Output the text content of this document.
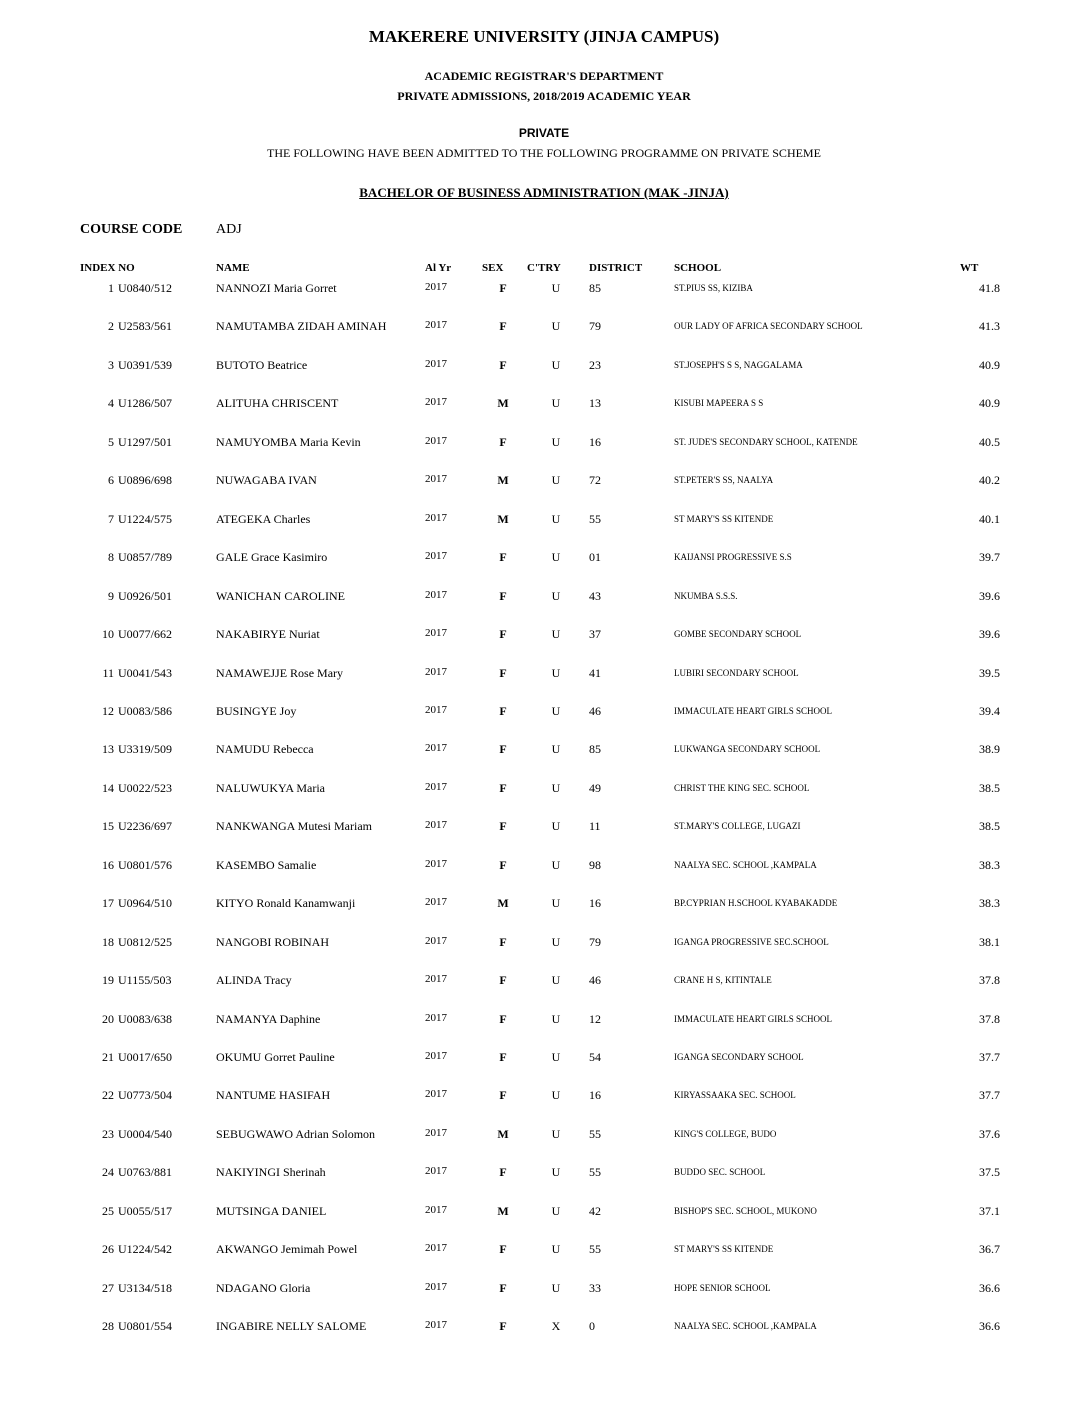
MAKERERE UNIVERSITY (JINJA CAMPUS)
ACADEMIC REGISTRAR'S DEPARTMENT
PRIVATE ADMISSIONS, 2018/2019 ACADEMIC YEAR
PRIVATE
THE FOLLOWING HAVE BEEN ADMITTED TO THE FOLLOWING PROGRAMME ON PRIVATE SCHEME
BACHELOR OF BUSINESS ADMINISTRATION (MAK -JINJA)
COURSE CODE ADJ
INDEX NO	NAME	Al Yr	SEX C'TRY	DISTRICT	SCHOOL	WT
1 U0840/512	NANNOZI Maria Gorret	2017	F	U	85	ST.PIUS SS, KIZIBA	41.8
2 U2583/561	NAMUTAMBA ZIDAH AMINAH	2017	F	U	79	OUR LADY OF AFRICA SECONDARY SCHOOL	41.3
3 U0391/539	BUTOTO Beatrice	2017	F	U	23	ST.JOSEPH'S S S, NAGGALAMA	40.9
4 U1286/507	ALITUHA CHRISCENT	2017	M	U	13	KISUBI MAPEERA S S	40.9
5 U1297/501	NAMUYOMBA Maria Kevin	2017	F	U	16	ST. JUDE'S SECONDARY SCHOOL, KATENDE	40.5
6 U0896/698	NUWAGABA IVAN	2017	M	U	72	ST.PETER'S SS, NAALYA	40.2
7 U1224/575	ATEGEKA Charles	2017	M	U	55	ST MARY'S SS KITENDE	40.1
8 U0857/789	GALE Grace Kasimiro	2017	F	U	01	KAIJANSI PROGRESSIVE S.S	39.7
9 U0926/501	WANICHAN CAROLINE	2017	F	U	43	NKUMBA S.S.S.	39.6
10 U0077/662	NAKABIRYE Nuriat	2017	F	U	37	GOMBE SECONDARY SCHOOL	39.6
11 U0041/543	NAMAWEJJE Rose Mary	2017	F	U	41	LUBIRI SECONDARY SCHOOL	39.5
12 U0083/586	BUSINGYE Joy	2017	F	U	46	IMMACULATE HEART GIRLS SCHOOL	39.4
13 U3319/509	NAMUDU Rebecca	2017	F	U	85	LUKWANGA SECONDARY SCHOOL	38.9
14 U0022/523	NALUWUKYA Maria	2017	F	U	49	CHRIST THE KING SEC. SCHOOL	38.5
15 U2236/697	NANKWANGA Mutesi Mariam	2017	F	U	11	ST.MARY'S COLLEGE, LUGAZI	38.5
16 U0801/576	KASEMBO Samalie	2017	F	U	98	NAALYA SEC. SCHOOL ,KAMPALA	38.3
17 U0964/510	KITYO Ronald Kanamwanji	2017	M	U	16	BP.CYPRIAN H.SCHOOL KYABAKADDE	38.3
18 U0812/525	NANGOBI ROBINAH	2017	F	U	79	IGANGA PROGRESSIVE SEC.SCHOOL	38.1
19 U1155/503	ALINDA Tracy	2017	F	U	46	CRANE H S, KITINTALE	37.8
20 U0083/638	NAMANYA Daphine	2017	F	U	12	IMMACULATE HEART GIRLS SCHOOL	37.8
21 U0017/650	OKUMU Gorret Pauline	2017	F	U	54	IGANGA SECONDARY SCHOOL	37.7
22 U0773/504	NANTUME HASIFAH	2017	F	U	16	KIRYASSAAKA SEC. SCHOOL	37.7
23 U0004/540	SEBUGWAWO Adrian Solomon	2017	M	U	55	KING'S COLLEGE, BUDO	37.6
24 U0763/881	NAKIYINGI Sherinah	2017	F	U	55	BUDDO SEC. SCHOOL	37.5
25 U0055/517	MUTSINGA DANIEL	2017	M	U	42	BISHOP'S SEC. SCHOOL, MUKONO	37.1
26 U1224/542	AKWANGO Jemimah Powel	2017	F	U	55	ST MARY'S SS KITENDE	36.7
27 U3134/518	NDAGANO Gloria	2017	F	U	33	HOPE SENIOR SCHOOL	36.6
28 U0801/554	INGABIRE NELLY SALOME	2017	F	X	0	NAALYA SEC. SCHOOL ,KAMPALA	36.6
